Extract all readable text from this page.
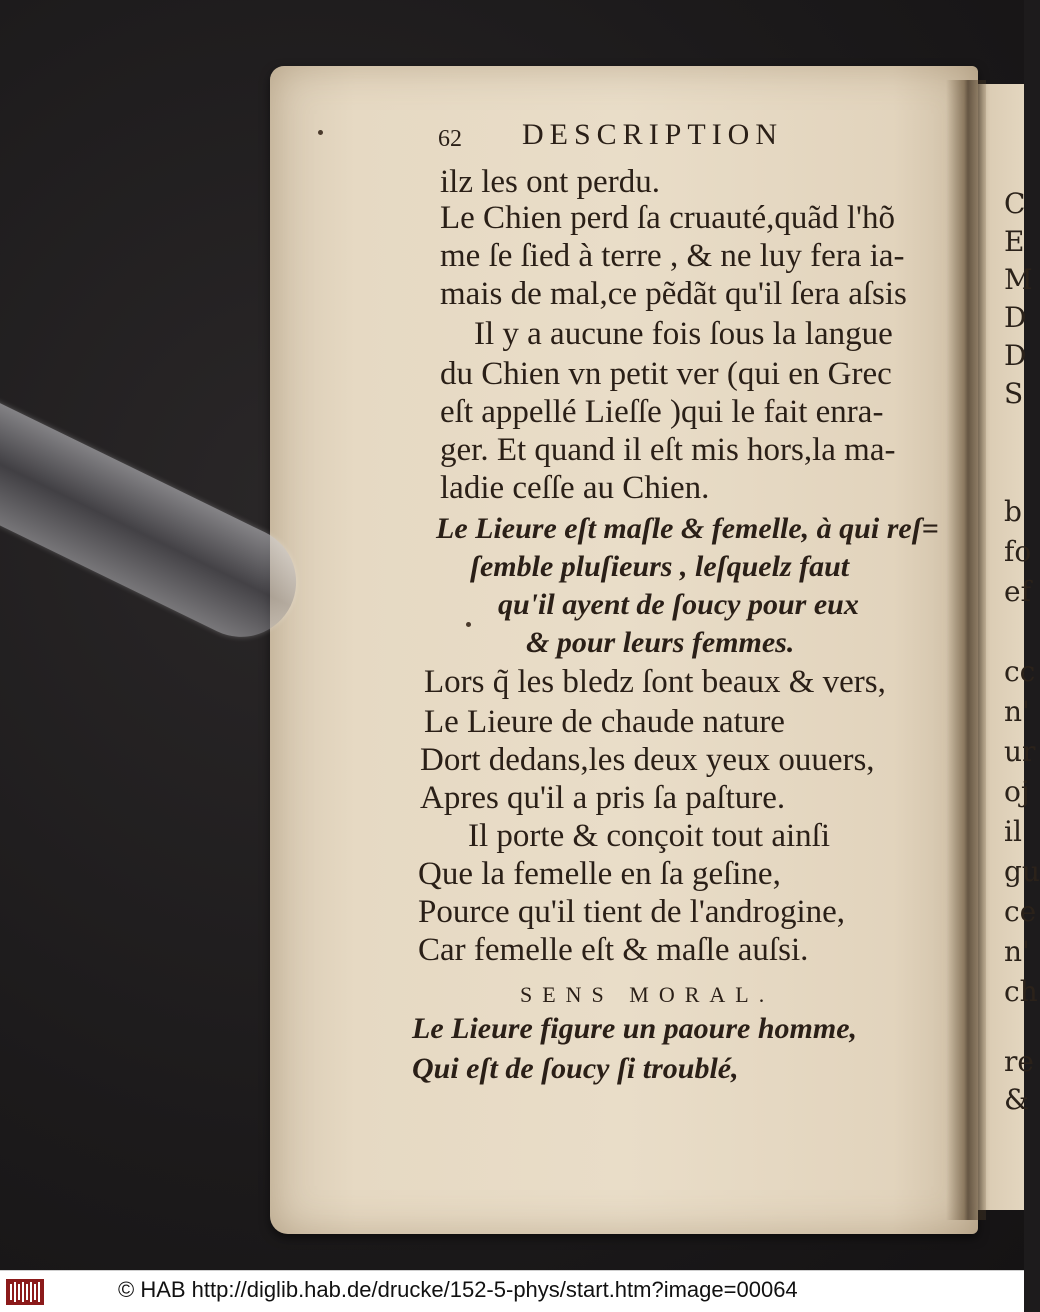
C
E
M
D
D
S
b
fo
ef
cc
n'
ur
oj
il
gu
ce
n'
ch
re
&
62 DESCRIPTION
ilz les ont perdu.
Le Chien perd ſa cruauté,quãd l'hõ
me ſe ſied à terre , & ne luy fera ia-
mais de mal,ce pẽdãt qu'il ſera aſsis
Il y a aucune fois ſous la langue
du Chien vn petit ver (qui en Grec
eſt appellé Lieſſe )qui le fait enra-
ger. Et quand il eſt mis hors,la ma-
ladie ceſſe au Chien.
Le Lieure eſt maſle & femelle, à qui reſ=
ſemble pluſieurs , leſquelz faut
qu'il ayent de ſoucy pour eux
& pour leurs femmes.
Lors q̃ les bledz ſont beaux & vers,
Le Lieure de chaude nature
Dort dedans,les deux yeux ouuers,
Apres qu'il a pris ſa paſture.
Il porte & conçoit tout ainſi
Que la femelle en ſa geſine,
Pource qu'il tient de l'androgine,
Car femelle eſt & maſle auſsi.
SENS MORAL.
Le Lieure figure un paoure homme,
Qui eſt de ſoucy ſi troublé,
© HAB http://diglib.hab.de/drucke/152-5-phys/start.htm?image=00064
